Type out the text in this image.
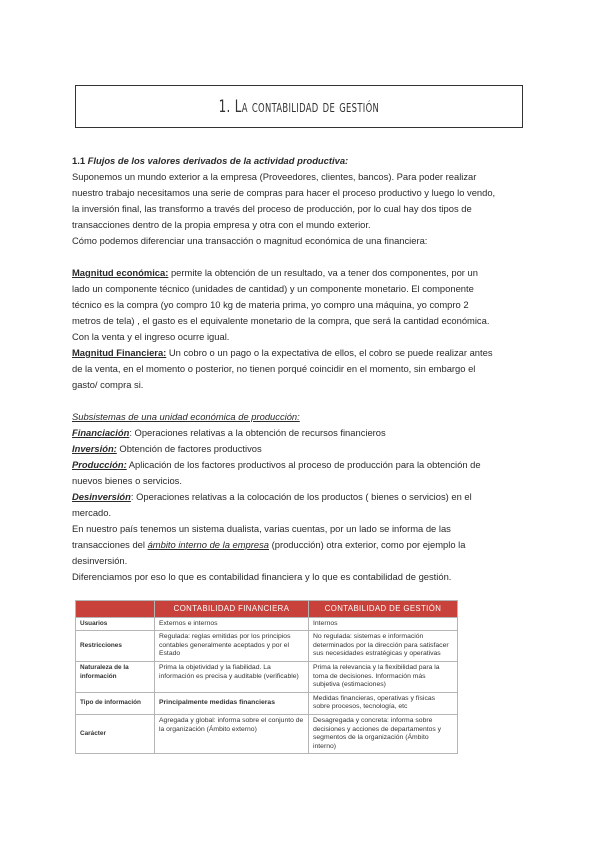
1. La contabilidad de gestión

1.1 Flujos de los valores derivados de la actividad productiva:

Suponemos un mundo exterior a la empresa (Proveedores, clientes, bancos). Para poder realizar

nuestro trabajo necesitamos una serie de compras para hacer el proceso productivo y luego lo vendo,

la inversión final, las transformo a través del proceso de producción, por lo cual hay dos tipos de

transacciones dentro de la propia empresa y otra con el mundo exterior.

Cómo podemos diferenciar una transacción o magnitud económica de una financiera:

Magnitud económica: permite la obtención de un resultado, va a tener dos componentes, por un

lado un componente técnico (unidades de cantidad) y un componente monetario. El componente

técnico es la compra (yo compro 10 kg de materia prima, yo compro una máquina, yo compro 2

metros de tela) , el gasto es el equivalente monetario de la compra, que será la cantidad económica.

Con la venta y el ingreso ocurre igual.

Magnitud Financiera: Un cobro o un pago o la expectativa de ellos, el cobro se puede realizar antes

de la venta, en el momento o posterior, no tienen porqué coincidir en el momento, sin embargo el

gasto/ compra si.

Subsistemas de una unidad económica de producción:

Financiación: Operaciones relativas a la obtención de recursos financieros

Inversión: Obtención de factores productivos

Producción: Aplicación de los factores productivos al proceso de producción para la obtención de

nuevos bienes o servicios.

Desinversión: Operaciones relativas a la colocación de los productos ( bienes o servicios) en el

mercado.

En nuestro país tenemos un sistema dualista, varias cuentas, por un lado se informa de las

transacciones del ámbito interno de la empresa (producción) otra exterior, como por ejemplo la

desinversión.

Diferenciamos por eso lo que es contabilidad financiera y lo que es contabilidad de gestión.

	CONTABILIDAD FINANCIERA	CONTABILIDAD DE GESTIÓN
Usuarios	Externos e internos	Internos
Restricciones	Regulada: reglas emitidas por los principios contables generalmente aceptados y por el Estado	No regulada: sistemas e información determinados por la dirección para satisfacer sus necesidades estratégicas y operativas
Naturaleza de la información	Prima la objetividad y la fiabilidad. La información es precisa y auditable (verificable)	Prima la relevancia y la flexibilidad para la toma de decisiones. Información más subjetiva (estimaciones)
Tipo de información	Principalmente medidas financieras	Medidas financieras, operativas y físicas sobre procesos, tecnología, etc
Carácter	Agregada y global: informa sobre el conjunto de la organización (Ámbito externo)	Desagregada y concreta: informa sobre decisiones y acciones de departamentos y segmentos de la organización (Ámbito interno)
